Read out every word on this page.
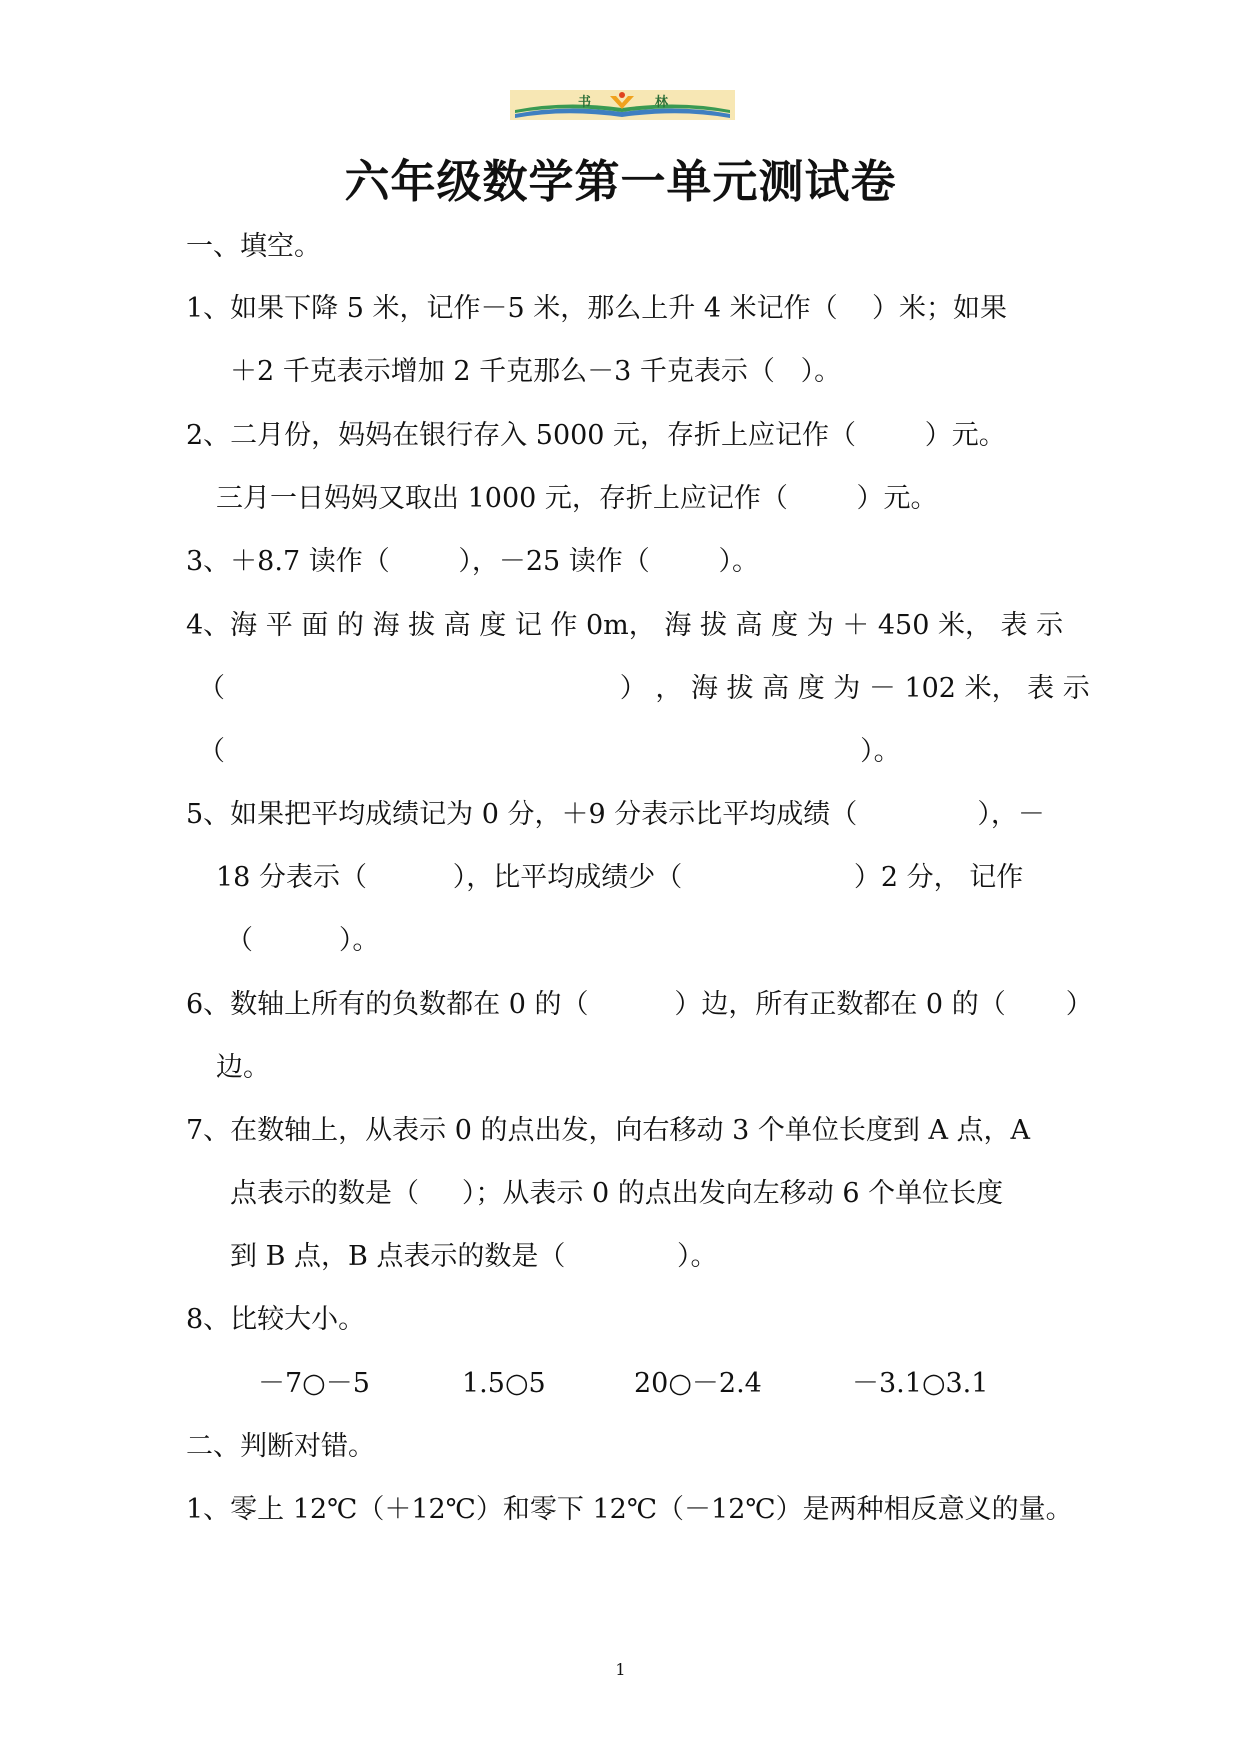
书	林
六年级数学第一单元测试卷
一、填空。
1、如果下降 5 米，记作－5 米，那么上升 4 米记作（    ）米；如果
＋2 千克表示增加 2 千克那么－3 千克表示（   ）。
2、二月份，妈妈在银行存入 5000 元，存折上应记作（        ）元。
三月一日妈妈又取出 1000 元，存折上应记作（        ）元。
3、＋8.7 读作（        ），－25 读作（        ）。
4、海 平 面 的 海 拔 高 度 记 作 0m， 海 拔 高 度 为 ＋ 450 米， 表 示
（                                              ） ， 海 拔 高 度 为 － 102 米， 表 示
（                                                                          ）。
5、如果把平均成绩记为 0 分，＋9 分表示比平均成绩（              ），－
18 分表示（          ），比平均成绩少（                    ）2 分， 记作
（          ）。
6、数轴上所有的负数都在 0 的（          ）边，所有正数都在 0 的（       ）
边。
7、在数轴上，从表示 0 的点出发，向右移动 3 个单位长度到 A 点，A
点表示的数是（     ）；从表示 0 的点出发向左移动 6 个单位长度
到 B 点，B 点表示的数是（             ）。
8、比较大小。
－7○－5	1.5○5	20○－2.4	－3.1○3.1
二、判断对错。
1、零上 12℃（＋12℃）和零下 12℃（－12℃）是两种相反意义的量。
1
